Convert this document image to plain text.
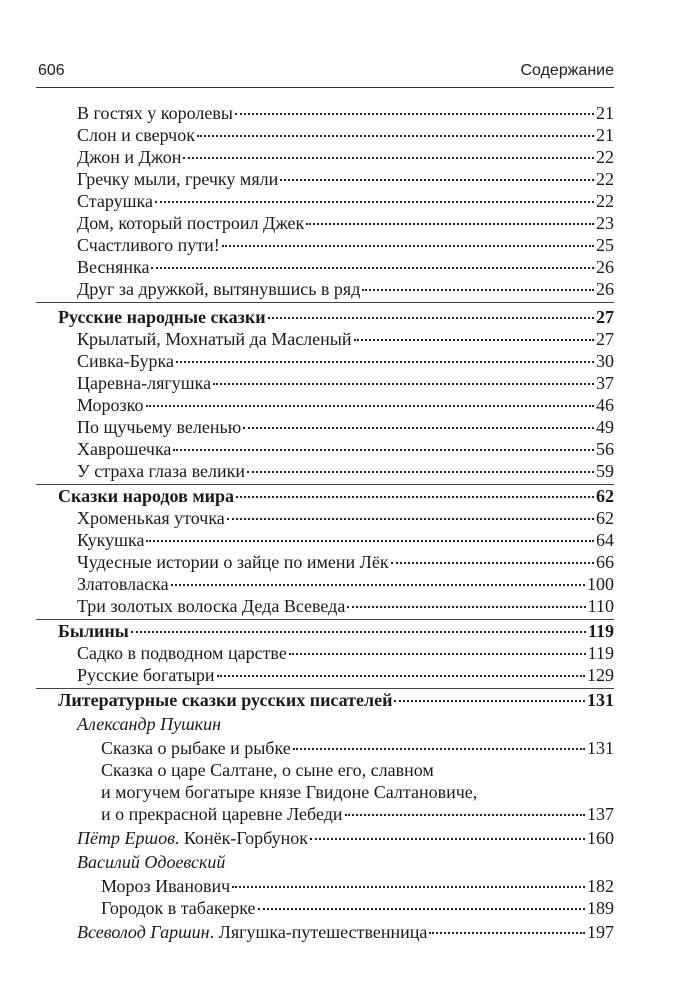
606	Содержание
В гостях у королевы	21
Слон и сверчок	21
Джон и Джон	22
Гречку мыли, гречку мяли	22
Старушка	22
Дом, который построил Джек	23
Счастливого пути!	25
Веснянка	26
Друг за дружкой, вытянувшись в ряд	26
Русские народные сказки	27
Крылатый, Мохнатый да Масленый	27
Сивка-Бурка	30
Царевна-лягушка	37
Морозко	46
По щучьему веленью	49
Хаврошечка	56
У страха глаза велики	59
Сказки народов мира	62
Хроменькая уточка	62
Кукушка	64
Чудесные истории о зайце по имени Лёк	66
Златовласка	100
Три золотых волоска Деда Всеведа	110
Былины	119
Садко в подводном царстве	119
Русские богатыри	129
Литературные сказки русских писателей	131
Александр Пушкин
Сказка о рыбаке и рыбке	131
Сказка о царе Салтане, о сыне его, славном
и могучем богатыре князе Гвидоне Салтановиче,
и о прекрасной царевне Лебеди	137
Пётр Ершов. Конёк-Горбунок	160
Василий Одоевский
Мороз Иванович	182
Городок в табакерке	189
Всеволод Гаршин. Лягушка-путешественница	197
